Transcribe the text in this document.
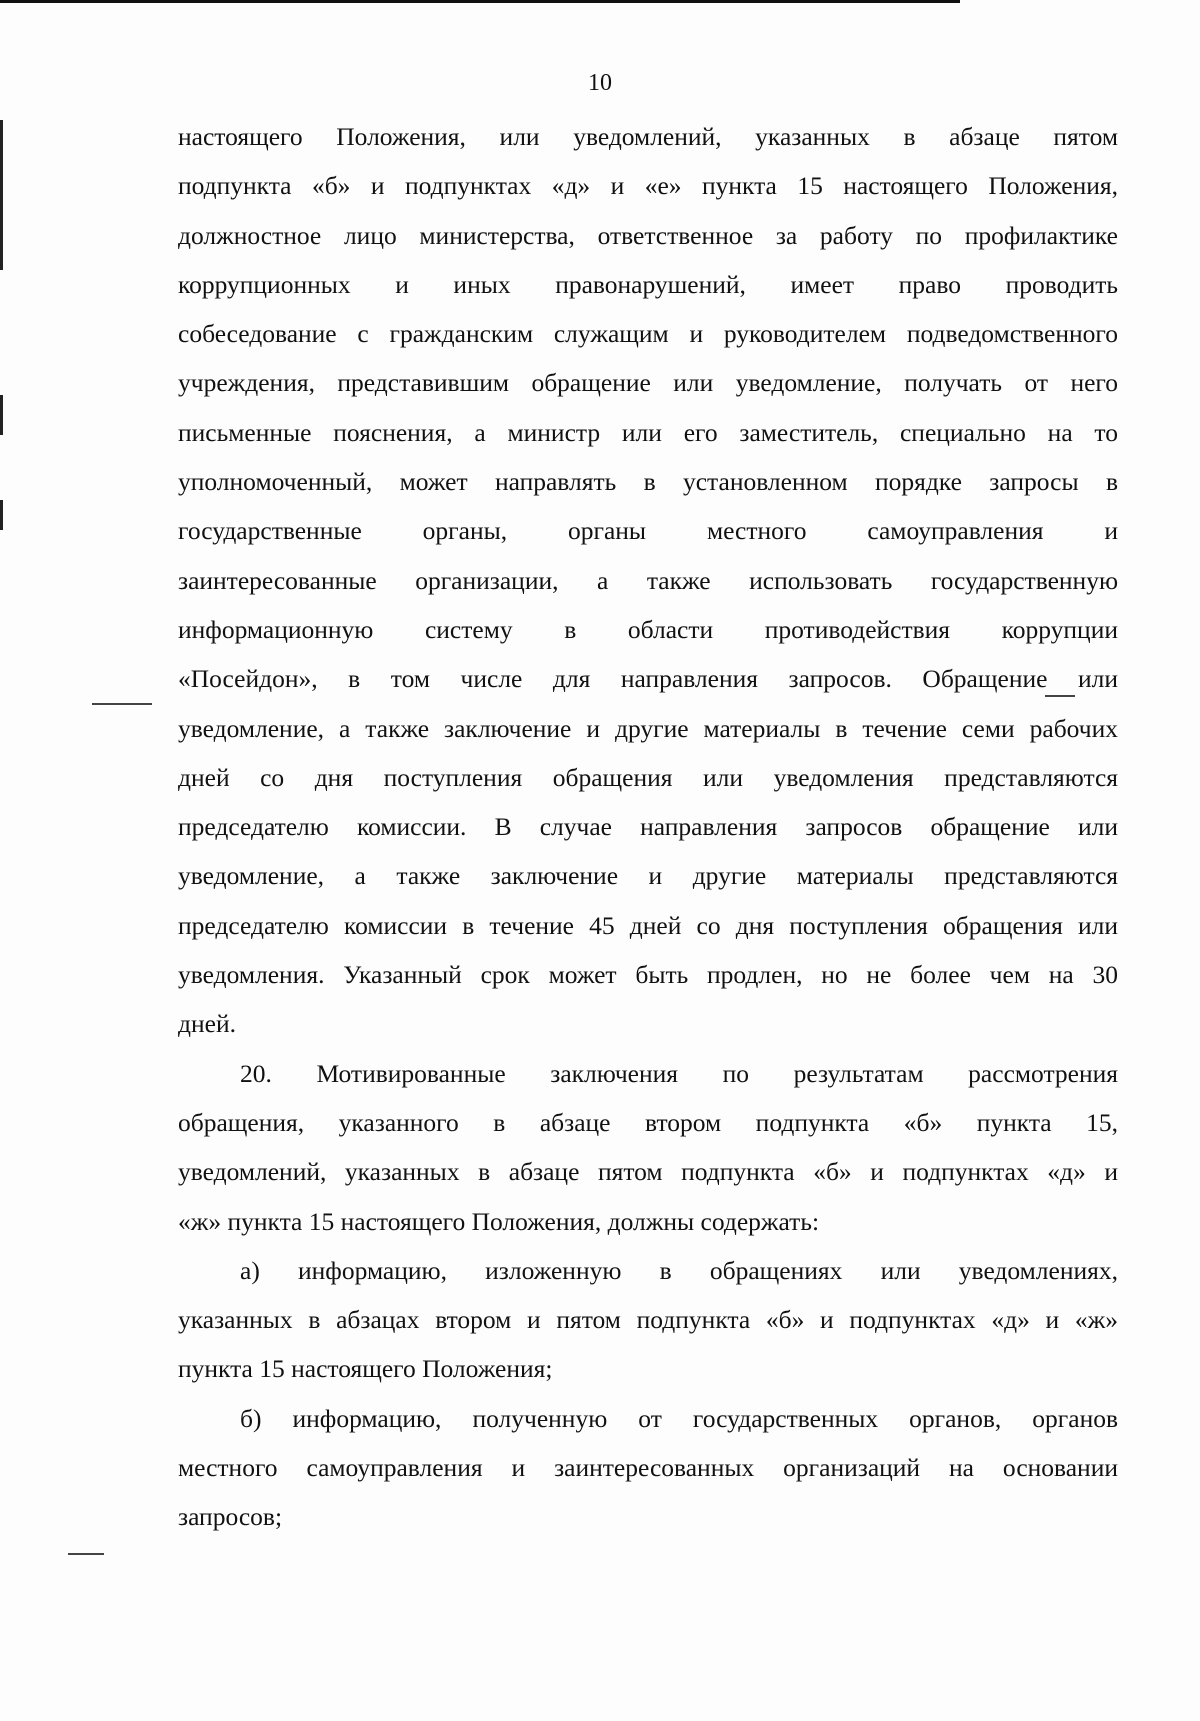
10
настоящего Положения, или уведомлений, указанных в абзаце пятом
подпункта «б» и подпунктах «д» и «е» пункта 15 настоящего Положения,
должностное лицо министерства, ответственное за работу по профилактике
коррупционных и иных правонарушений, имеет право проводить
собеседование с гражданским служащим и руководителем подведомственного
учреждения, представившим обращение или уведомление, получать от него
письменные пояснения, а министр или его заместитель, специально на то
уполномоченный, может направлять в установленном порядке запросы в
государственные органы, органы местного самоуправления и
заинтересованные организации, а также использовать государственную
информационную систему в области противодействия коррупции
«Посейдон», в том числе для направления запросов. Обращение или
уведомление, а также заключение и другие материалы в течение семи рабочих
дней со дня поступления обращения или уведомления представляются
председателю комиссии. В случае направления запросов обращение или
уведомление, а также заключение и другие материалы представляются
председателю комиссии в течение 45 дней со дня поступления обращения или
уведомления. Указанный срок может быть продлен, но не более чем на 30
дней.
20. Мотивированные заключения по результатам рассмотрения
обращения, указанного в абзаце втором подпункта «б» пункта 15,
уведомлений, указанных в абзаце пятом подпункта «б» и подпунктах «д» и
«ж» пункта 15 настоящего Положения, должны содержать:
а) информацию, изложенную в обращениях или уведомлениях,
указанных в абзацах втором и пятом подпункта «б» и подпунктах «д» и «ж»
пункта 15 настоящего Положения;
б) информацию, полученную от государственных органов, органов
местного самоуправления и заинтересованных организаций на основании
запросов;
